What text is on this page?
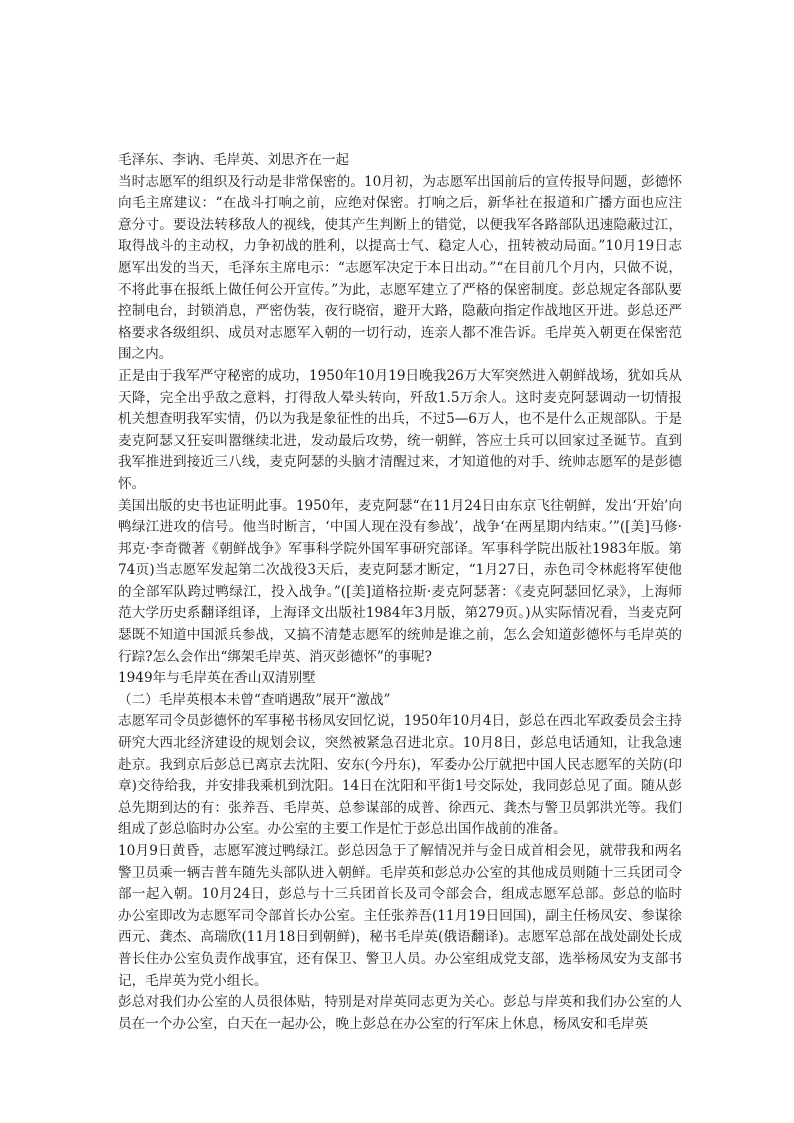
毛泽东、李讷、毛岸英、刘思齐在一起

当时志愿军的组织及行动是非常保密的。10月初，为志愿军出国前后的宣传报导问题，彭德怀向毛主席建议：“在战斗打响之前，应绝对保密。打响之后，新华社在报道和广播方面也应注意分寸。要设法转移敌人的视线，使其产生判断上的错觉，以便我军各路部队迅速隐蔽过江，取得战斗的主动权，力争初战的胜利，以提高士气、稳定人心，扭转被动局面。”10月19日志愿军出发的当天，毛泽东主席电示：“志愿军决定于本日出动。”“在目前几个月内，只做不说，不将此事在报纸上做任何公开宣传。”为此，志愿军建立了严格的保密制度。彭总规定各部队要控制电台，封锁消息，严密伪装，夜行晓宿，避开大路，隐蔽向指定作战地区开进。彭总还严格要求各级组织、成员对志愿军入朝的一切行动，连亲人都不准告诉。毛岸英入朝更在保密范围之内。

正是由于我军严守秘密的成功，1950年10月19日晚我26万大军突然进入朝鲜战场，犹如兵从天降，完全出乎敌之意料，打得敌人晕头转向，歼敌1.5万余人。这时麦克阿瑟调动一切情报机关想查明我军实情，仍以为我是象征性的出兵，不过5—6万人，也不是什么正规部队。于是麦克阿瑟又狂妄叫嚣继续北进，发动最后攻势，统一朝鲜，答应士兵可以回家过圣诞节。直到我军推进到接近三八线，麦克阿瑟的头脑才清醒过来，才知道他的对手、统帅志愿军的是彭德怀。

美国出版的史书也证明此事。1950年，麦克阿瑟“在11月24日由东京飞往朝鲜，发出‘开始’向鸭绿江进攻的信号。他当时断言，‘中国人现在没有参战’，战争‘在两星期内结束。’”([美]马修·邦克·李奇微著《朝鲜战争》军事科学院外国军事研究部译。军事科学院出版社1983年版。第74页)当志愿军发起第二次战役3天后，麦克阿瑟才断定，“1月27日，赤色司令林彪将军使他的全部军队跨过鸭绿江，投入战争。”([美]道格拉斯·麦克阿瑟著：《麦克阿瑟回忆录》，上海师范大学历史系翻译组译，上海译文出版社1984年3月版，第279页。)从实际情况看，当麦克阿瑟既不知道中国派兵参战，又搞不清楚志愿军的统帅是谁之前，怎么会知道彭德怀与毛岸英的行踪?怎么会作出“绑架毛岸英、消灭彭德怀”的事呢?

1949年与毛岸英在香山双清别墅

（二）毛岸英根本未曾“查哨遇敌”展开“激战”

志愿军司令员彭德怀的军事秘书杨凤安回忆说，1950年10月4日，彭总在西北军政委员会主持研究大西北经济建设的规划会议，突然被紧急召进北京。10月8日，彭总电话通知，让我急速赴京。我到京后彭总已离京去沈阳、安东(今丹东)，军委办公厅就把中国人民志愿军的关防(印章)交待给我，并安排我乘机到沈阳。14日在沈阳和平街1号交际处，我同彭总见了面。随从彭总先期到达的有：张养吾、毛岸英、总参谋部的成普、徐西元、龚杰与警卫员郭洪光等。我们组成了彭总临时办公室。办公室的主要工作是忙于彭总出国作战前的准备。

10月9日黄昏，志愿军渡过鸭绿江。彭总因急于了解情况并与金日成首相会见，就带我和两名警卫员乘一辆吉普车随先头部队进入朝鲜。毛岸英和彭总办公室的其他成员则随十三兵团司令部一起入朝。10月24日，彭总与十三兵团首长及司令部会合，组成志愿军总部。彭总的临时办公室即改为志愿军司令部首长办公室。主任张养吾(11月19日回国)，副主任杨凤安、参谋徐西元、龚杰、高瑞欣(11月18日到朝鲜)，秘书毛岸英(俄语翻译)。志愿军总部在战处副处长成普长住办公室负责作战事宜，还有保卫、警卫人员。办公室组成党支部，选举杨凤安为支部书记，毛岸英为党小组长。

彭总对我们办公室的人员很体贴，特别是对岸英同志更为关心。彭总与岸英和我们办公室的人员在一个办公室，白天在一起办公，晚上彭总在办公室的行军床上休息，杨凤安和毛岸英
